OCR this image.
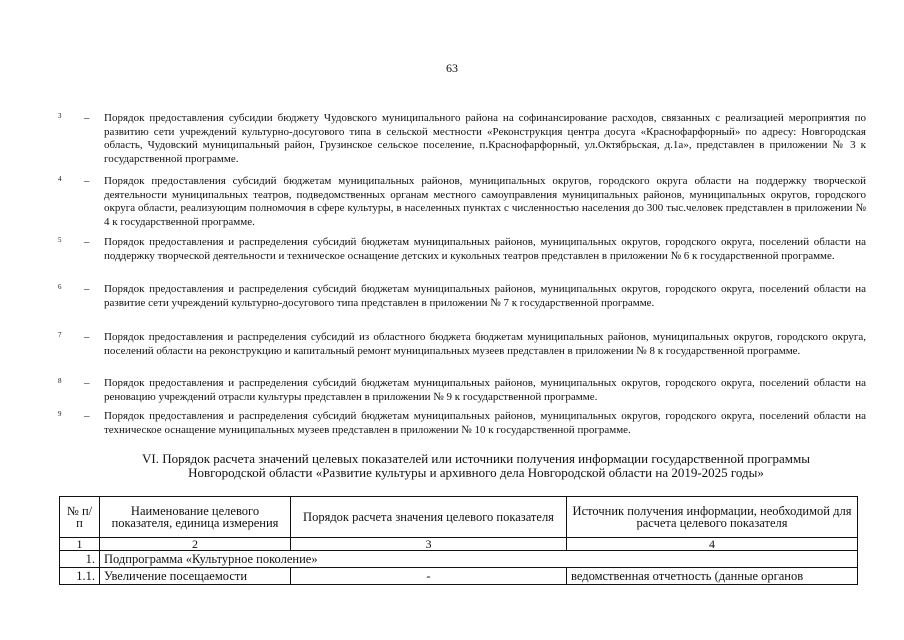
63
3 – Порядок предоставления субсидии бюджету Чудовского муниципального района на софинансирование расходов, связанных с реализацией мероприятия по развитию сети учреждений культурно-досугового типа в сельской местности «Реконструкция центра досуга «Краснофарфорный» по адресу: Новгородская область, Чудовский муниципальный район, Грузинское сельское поселение, п.Краснофарфорный, ул.Октябрьская, д.1а», представлен в приложении № 3 к государственной программе.
4 – Порядок предоставления субсидий бюджетам муниципальных районов, муниципальных округов, городского округа области на поддержку творческой деятельности муниципальных театров, подведомственных органам местного самоуправления муниципальных районов, муниципальных округов, городского округа области, реализующим полномочия в сфере культуры, в населенных пунктах с численностью населения до 300 тыс.человек представлен в приложении № 4 к государственной программе.
5 – Порядок предоставления и распределения субсидий бюджетам муниципальных районов, муниципальных округов, городского округа, поселений области на поддержку творческой деятельности и техническое оснащение детских и кукольных театров представлен в приложении № 6 к государственной программе.
6 – Порядок предоставления и распределения субсидий бюджетам муниципальных районов, муниципальных округов, городского округа, поселений области на развитие сети учреждений культурно-досугового типа представлен в приложении № 7 к государственной программе.
7 – Порядок предоставления и распределения субсидий из областного бюджета бюджетам муниципальных районов, муниципальных округов, городского округа, поселений области на реконструкцию и капитальный ремонт муниципальных музеев представлен в приложении № 8 к государственной программе.
8 – Порядок предоставления и распределения субсидий бюджетам муниципальных районов, муниципальных округов, городского округа, поселений области на реновацию учреждений отрасли культуры представлен в приложении № 9 к государственной программе.
9 – Порядок предоставления и распределения субсидий бюджетам муниципальных районов, муниципальных округов, городского округа, поселений области на техническое оснащение муниципальных музеев представлен в приложении № 10 к государственной программе.
VI. Порядок расчета значений целевых показателей или источники получения информации государственной программы
Новгородской области «Развитие культуры и архивного дела Новгородской области на 2019-2025 годы»
№ п/п	Наименование целевого показателя, единица измерения	Порядок расчета значения целевого показателя	Источник получения информации, необходимой для расчета целевого показателя
1	2	3	4
1.	Подпрограмма «Культурное поколение»		
1.1.	Увеличение посещаемости	-	ведомственная отчетность (данные органов
